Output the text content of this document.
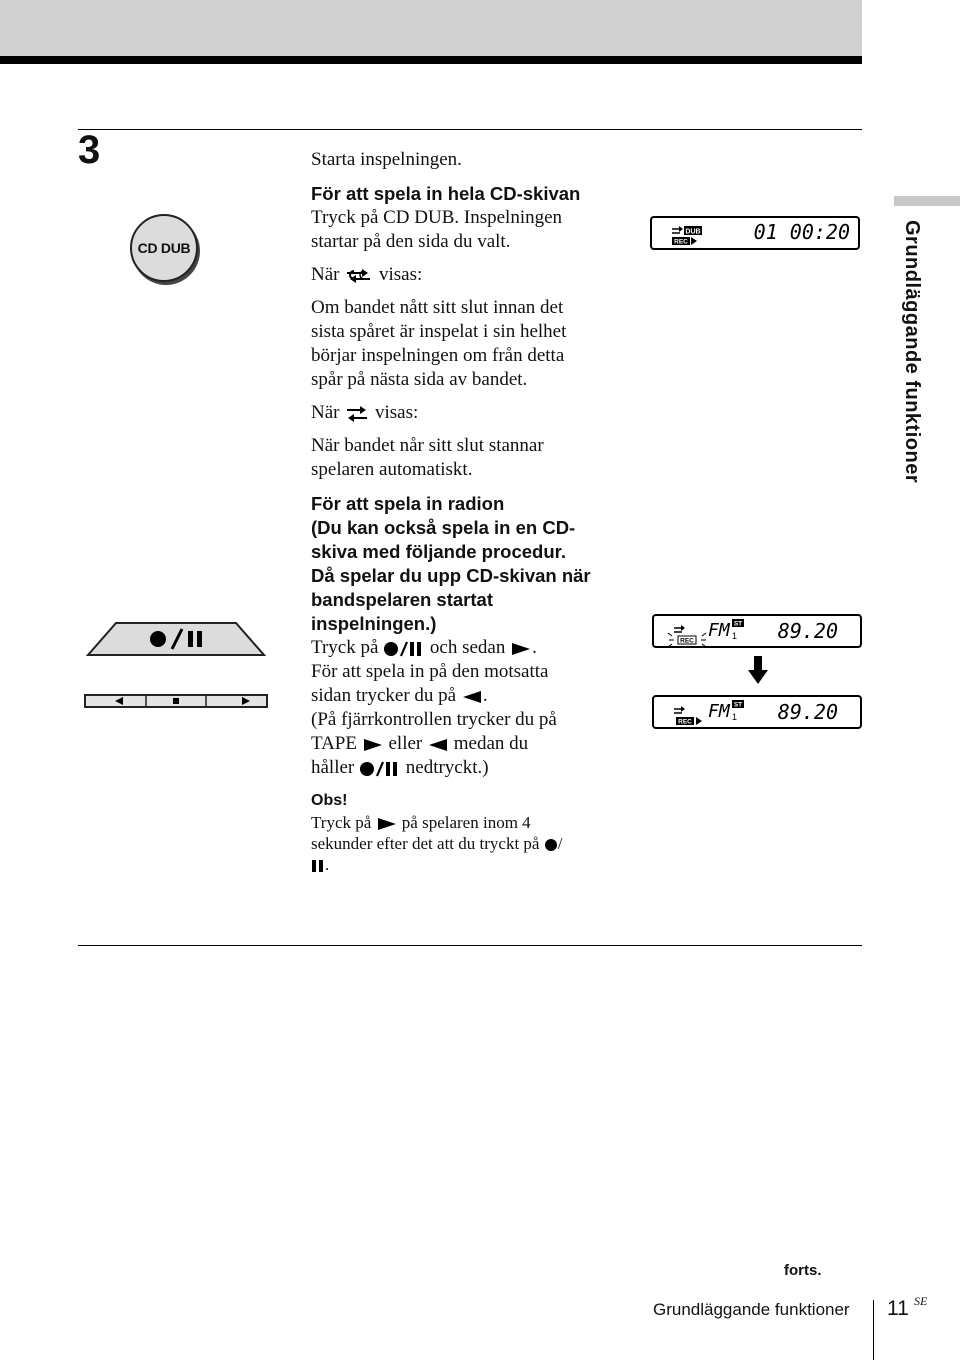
3
CD DUB

Starta inspelningen.

För att spela in hela CD-skivan

Tryck på CD DUB. Inspelningen

startar på den sida du valt.

När visas:

Om bandet nått sitt slut innan det

sista spåret är inspelat i sin helhet

börjar inspelningen om från detta

spår på nästa sida av bandet.

När visas:

När bandet når sitt slut stannar

spelaren automatiskt.

För att spela in radion

(Du kan också spela in en CD-

skiva med följande procedur.

Då spelar du upp CD-skivan när

bandspelaren startat

inspelningen.)

Tryck på	och sedan .

För att spela in på den motsatta

sidan trycker du på .

(På fjärrkontrollen trycker du på

TAPE eller medan du

håller	nedtryckt.)

Obs!

Tryck på på spelaren inom 4

sekunder efter det att du tryckt på /

.

DUB
REC	01 00:20
REC FM 1
ST 89.20
REC FM 1
ST 89.20
Grundläggande funktioner
forts.
Grundläggande funktioner 11 SE
